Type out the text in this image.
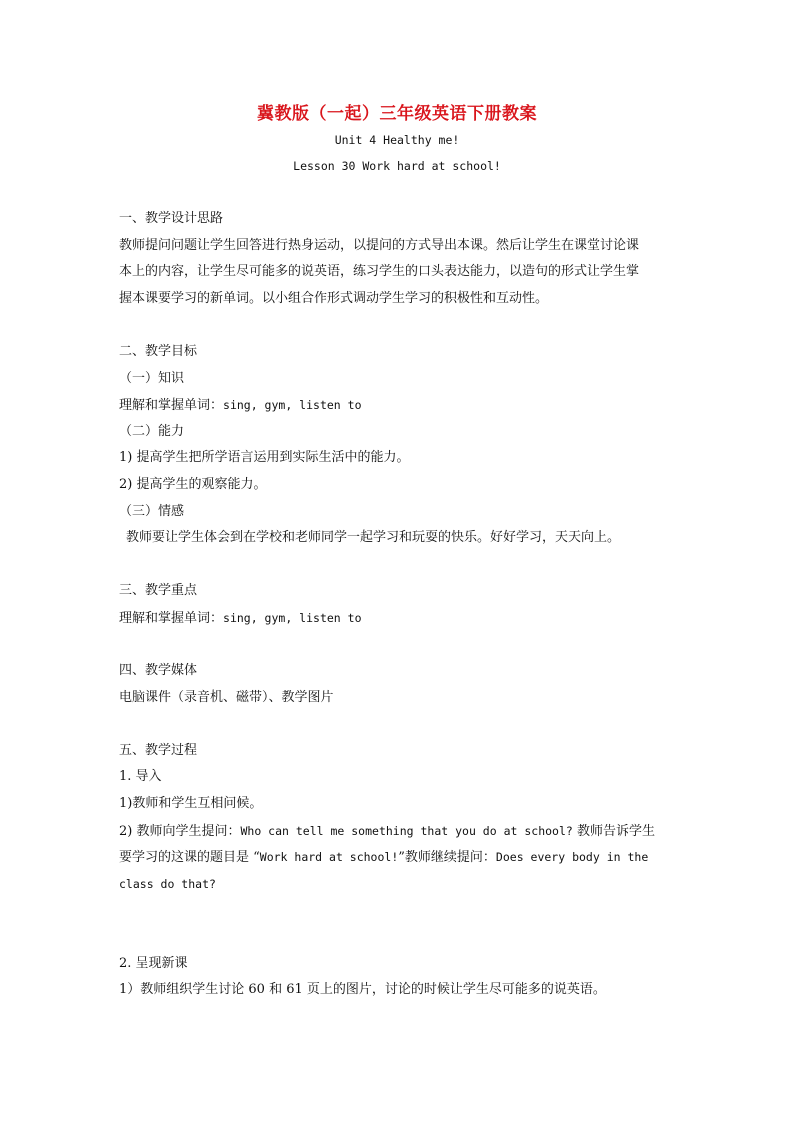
冀教版（一起）三年级英语下册教案
Unit 4 Healthy me!
Lesson 30 Work hard at school!
一、教学设计思路
教师提问问题让学生回答进行热身运动，以提问的方式导出本课。然后让学生在课堂讨论课
本上的内容，让学生尽可能多的说英语，练习学生的口头表达能力，以造句的形式让学生掌
握本课要学习的新单词。以小组合作形式调动学生学习的积极性和互动性。
二、教学目标
（一）知识
理解和掌握单词：sing, gym, listen to
（二）能力
1) 提高学生把所学语言运用到实际生活中的能力。
2) 提高学生的观察能力。
（三）情感
教师要让学生体会到在学校和老师同学一起学习和玩耍的快乐。好好学习，天天向上。
三、教学重点
理解和掌握单词：sing, gym, listen to
四、教学媒体
电脑课件（录音机、磁带）、教学图片
五、教学过程
1. 导入
1)教师和学生互相问候。
2) 教师向学生提问：Who can tell me something that you do at school? 教师告诉学生
要学习的这课的题目是 “Work hard at school!”教师继续提问：Does every body in the
class do that?
2. 呈现新课
1）教师组织学生讨论 60 和 61 页上的图片，讨论的时候让学生尽可能多的说英语。
